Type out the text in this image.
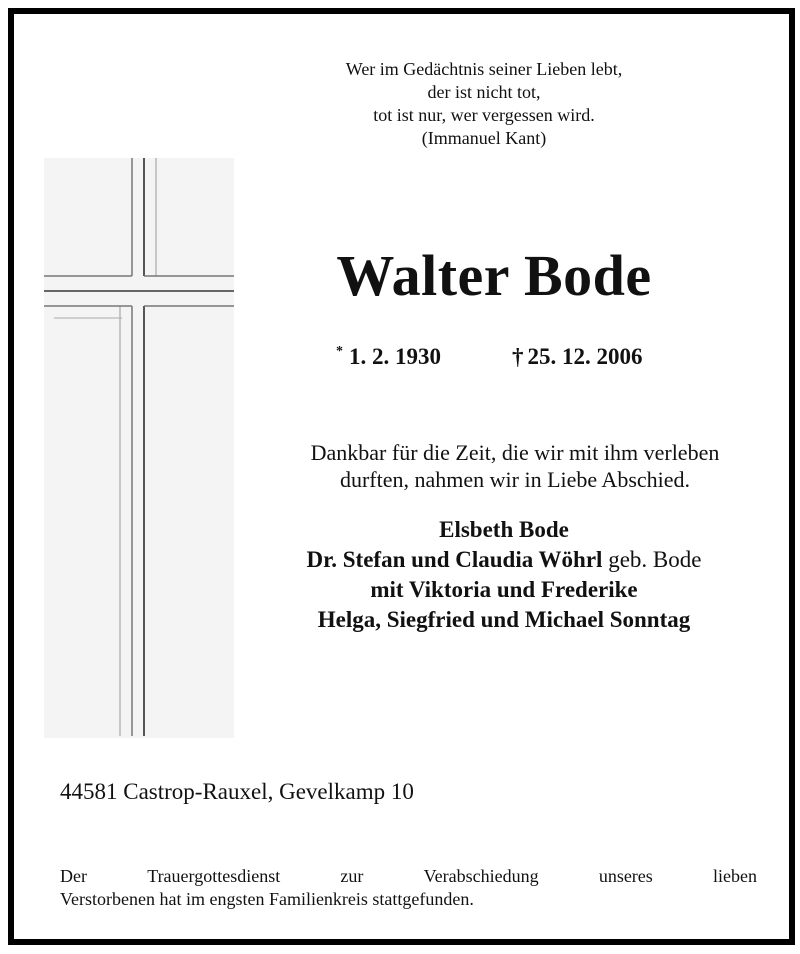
Wer im Gedächtnis seiner Lieben lebt,
der ist nicht tot,
tot ist nur, wer vergessen wird.
(Immanuel Kant)
Walter Bode
* 1. 2. 1930	† 25. 12. 2006
Dankbar für die Zeit, die wir mit ihm verleben
durften, nahmen wir in Liebe Abschied.
Elsbeth Bode
Dr. Stefan und Claudia Wöhrl geb. Bode
mit Viktoria und Frederike
Helga, Siegfried und Michael Sonntag
44581 Castrop-Rauxel, Gevelkamp 10
Der	Trauergottesdienst	zur	Verabschiedung	unseres	lieben
Verstorbenen hat im engsten Familienkreis stattgefunden.
